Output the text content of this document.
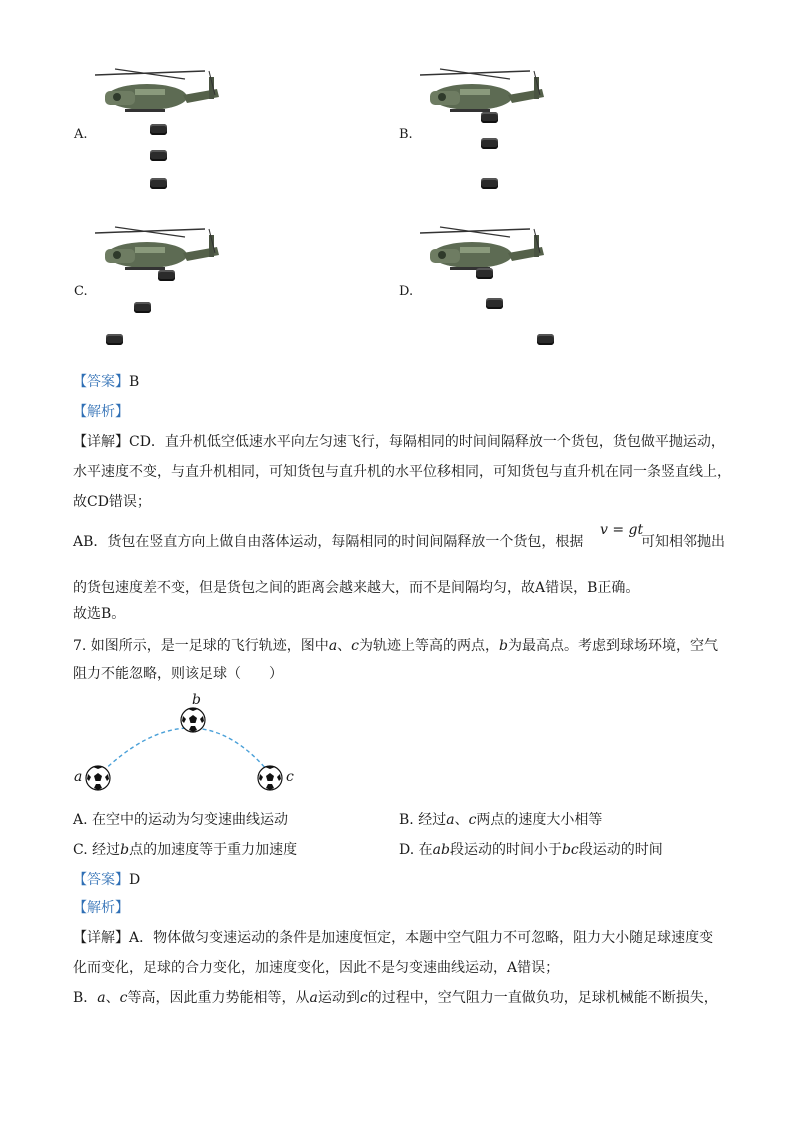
A.	B.
C.	D.
【答案】B
【解析】
【详解】CD．直升机低空低速水平向左匀速飞行，每隔相同的时间间隔释放一个货包，货包做平抛运动，
水平速度不变，与直升机相同，可知货包与直升机的水平位移相同，可知货包与直升机在同一条竖直线上，
故CD错误；
AB．货包在竖直方向上做自由落体运动，每隔相同的时间间隔释放一个货包，根据
v = gt
可知相邻抛出
的货包速度差不变，但是货包之间的距离会越来越大，而不是间隔均匀，故A错误，B正确。
故选B。
7. 如图所示，是一足球的飞行轨迹，图中a、c为轨迹上等高的两点，b为最高点。考虑到球场环境，空气
阻力不能忽略，则该足球（　　）
a
b
c
A. 在空中的运动为匀变速曲线运动	B. 经过a、c两点的速度大小相等
C. 经过b点的加速度等于重力加速度	D. 在ab段运动的时间小于bc段运动的时间
【答案】D
【解析】
【详解】A．物体做匀变速运动的条件是加速度恒定，本题中空气阻力不可忽略，阻力大小随足球速度变
化而变化，足球的合力变化，加速度变化，因此不是匀变速曲线运动，A错误；
B．a、c等高，因此重力势能相等，从a运动到c的过程中，空气阻力一直做负功，足球机械能不断损失，
